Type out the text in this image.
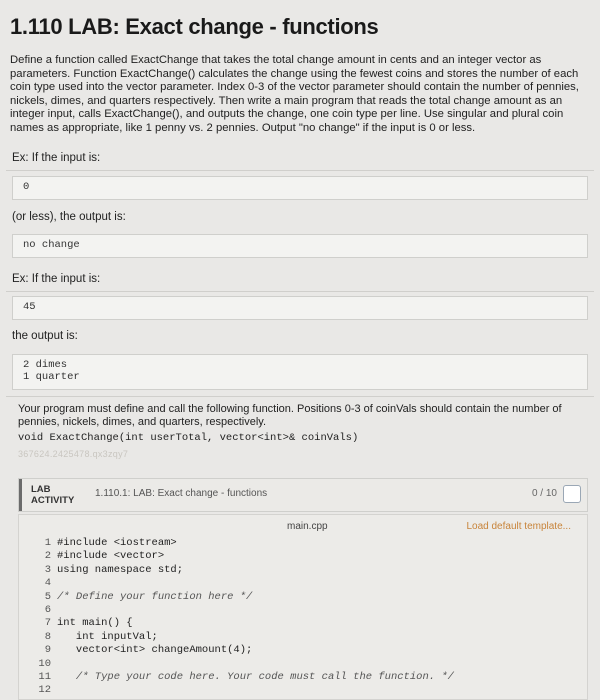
1.110 LAB: Exact change - functions

Define a function called ExactChange that takes the total change amount in cents and an integer vector as parameters. Function ExactChange() calculates the change using the fewest coins and stores the number of each coin type used into the vector parameter. Index 0-3 of the vector parameter should contain the number of pennies, nickels, dimes, and quarters respectively. Then write a main program that reads the total change amount as an integer input, calls ExactChange(), and outputs the change, one coin type per line. Use singular and plural coin names as appropriate, like 1 penny vs. 2 pennies. Output "no change" if the input is 0 or less.

Ex: If the input is:
0
(or less), the output is:
no change
Ex: If the input is:
45
the output is:
2 dimes
1 quarter
Your program must define and call the following function. Positions 0-3 of coinVals should contain the number of pennies, nickels, dimes, and quarters, respectively.
void ExactChange(int userTotal, vector<int>& coinVals)
367624.2425478.qx3zqy7
LAB
ACTIVITY
1.110.1: LAB: Exact change - functions	0 / 10
main.cpp	Load default template...
1 #include <iostream>
2 #include <vector>
3 using namespace std;
4
5 /* Define your function here */
6
7 int main() {
8   int inputVal;
9   vector<int> changeAmount(4);
10
11   /* Type your code here. Your code must call the function. */
12
